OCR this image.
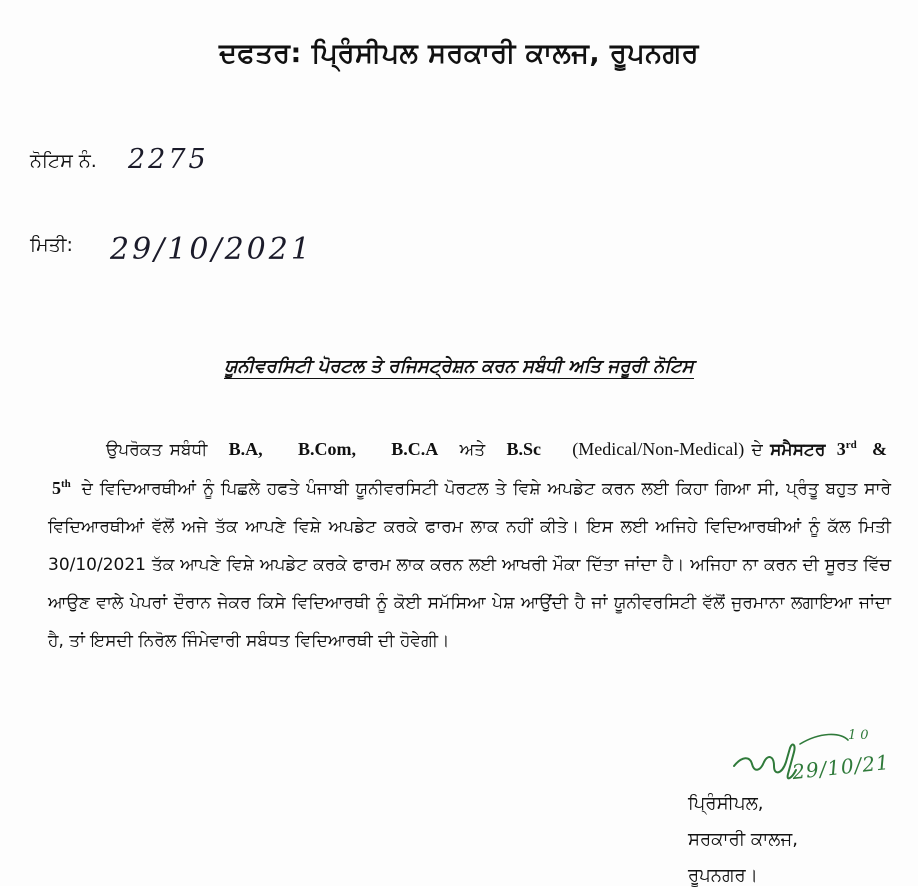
ਦਫਤਰ: ਪ੍ਰਿੰਸੀਪਲ ਸਰਕਾਰੀ ਕਾਲਜ, ਰੂਪਨਗਰ
ਨੋਟਿਸ ਨੰ. 2275
ਮਿਤੀ: 29/10/2021
ਯੂਨੀਵਰਸਿਟੀ ਪੋਰਟਲ ਤੇ ਰਜਿਸਟ੍ਰੇਸ਼ਨ ਕਰਨ ਸਬੰਧੀ ਅਤਿ ਜਰੂਰੀ ਨੋਟਿਸ
ਉਪਰੋਕਤ ਸਬੰਧੀ B.A, B.Com, B.C.A ਅਤੇ B.Sc (Medical/Non-Medical) ਦੇ ਸਮੈਸਟਰ 3rd & 5th ਦੇ ਵਿਦਿਆਰਥੀਆਂ ਨੂੰ ਪਿਛਲੇ ਹਫਤੇ ਪੰਜਾਬੀ ਯੂਨੀਵਰਸਿਟੀ ਪੋਰਟਲ ਤੇ ਵਿਸ਼ੇ ਅਪਡੇਟ ਕਰਨ ਲਈ ਕਿਹਾ ਗਿਆ ਸੀ, ਪ੍ਰੰਤੂ ਬਹੁਤ ਸਾਰੇ ਵਿਦਿਆਰਥੀਆਂ ਵੱਲੋਂ ਅਜੇ ਤੱਕ ਆਪਣੇ ਵਿਸ਼ੇ ਅਪਡੇਟ ਕਰਕੇ ਫਾਰਮ ਲਾਕ ਨਹੀਂ ਕੀਤੇ। ਇਸ ਲਈ ਅਜਿਹੇ ਵਿਦਿਆਰਥੀਆਂ ਨੂੰ ਕੱਲ ਮਿਤੀ 30/10/2021 ਤੱਕ ਆਪਣੇ ਵਿਸ਼ੇ ਅਪਡੇਟ ਕਰਕੇ ਫਾਰਮ ਲਾਕ ਕਰਨ ਲਈ ਆਖਰੀ ਮੌਕਾ ਦਿੱਤਾ ਜਾਂਦਾ ਹੈ। ਅਜਿਹਾ ਨਾ ਕਰਨ ਦੀ ਸੂਰਤ ਵਿੱਚ ਆਉਣ ਵਾਲੇ ਪੇਪਰਾਂ ਦੌਰਾਨ ਜੇਕਰ ਕਿਸੇ ਵਿਦਿਆਰਥੀ ਨੂੰ ਕੋਈ ਸਮੱਸਿਆ ਪੇਸ਼ ਆਉਂਦੀ ਹੈ ਜਾਂ ਯੂਨੀਵਰਸਿਟੀ ਵੱਲੋਂ ਜੁਰਮਾਨਾ ਲਗਾਇਆ ਜਾਂਦਾ ਹੈ, ਤਾਂ ਇਸਦੀ ਨਿਰੋਲ ਜਿੰਮੇਵਾਰੀ ਸਬੰਧਤ ਵਿਦਿਆਰਥੀ ਦੀ ਹੋਵੇਗੀ।
10
29/10/21
ਪ੍ਰਿੰਸੀਪਲ,
ਸਰਕਾਰੀ ਕਾਲਜ,
ਰੂਪਨਗਰ।
